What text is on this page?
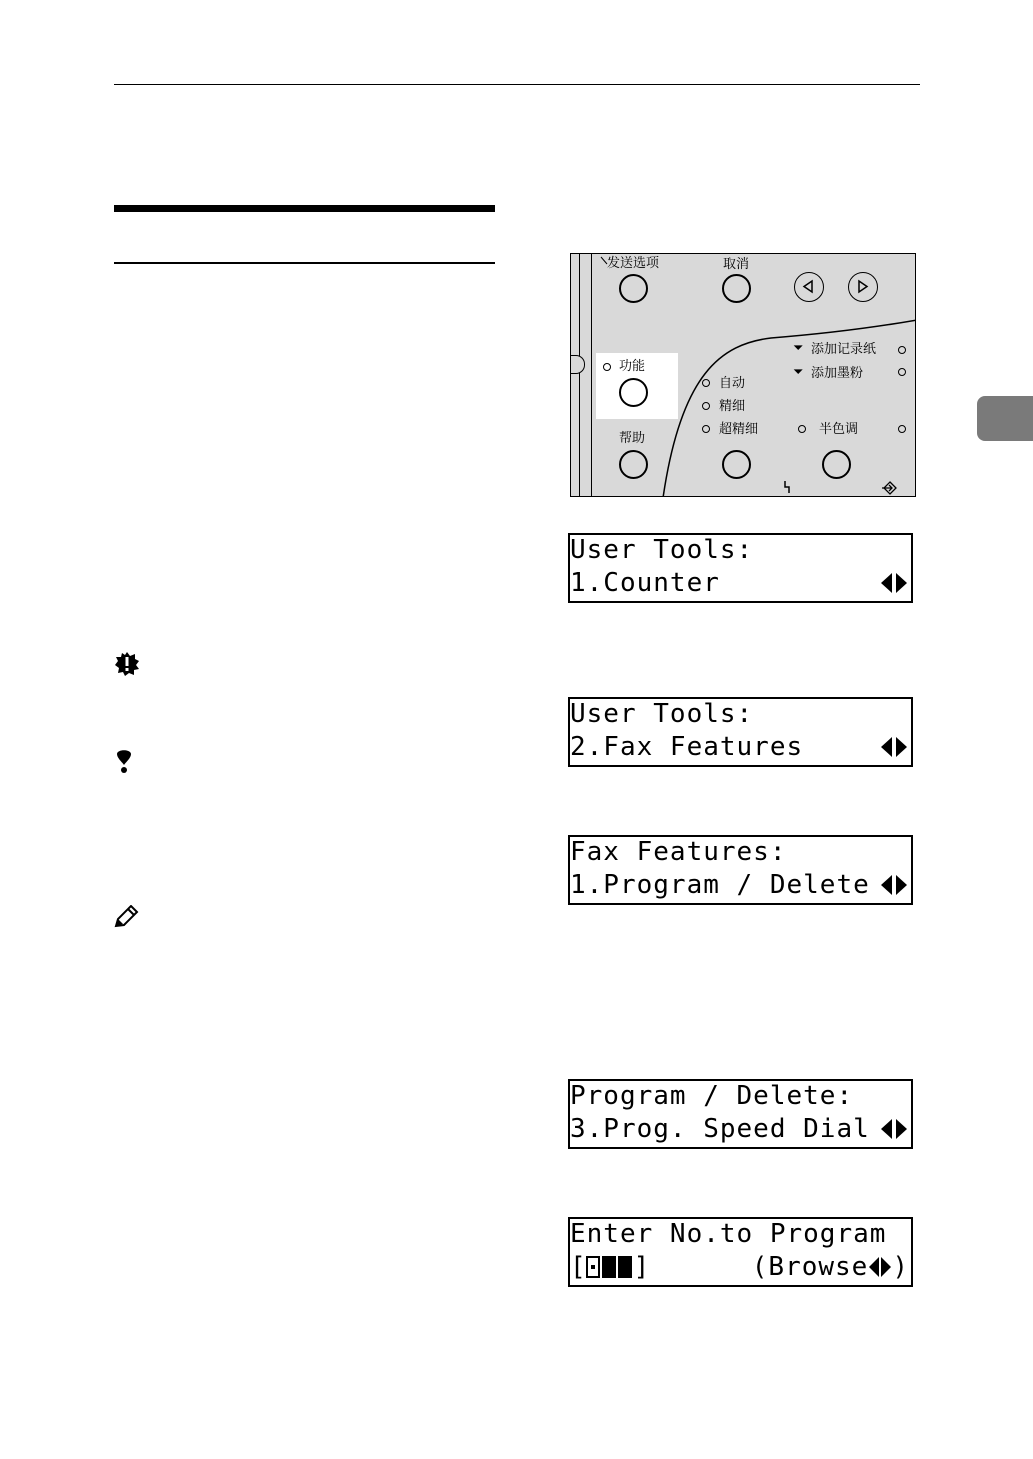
发送选项	取消
功能
帮助
自动
精细
超精细	半色调
⏷ 添加记录纸
⏷ 添加墨粉
User Tools:
1.Counter
User Tools:
2.Fax Features
Fax Features:
1.Program / Delete
Program / Delete:
3.Prog. Speed Dial
Enter No.to Program
[ ]	(Browse )
